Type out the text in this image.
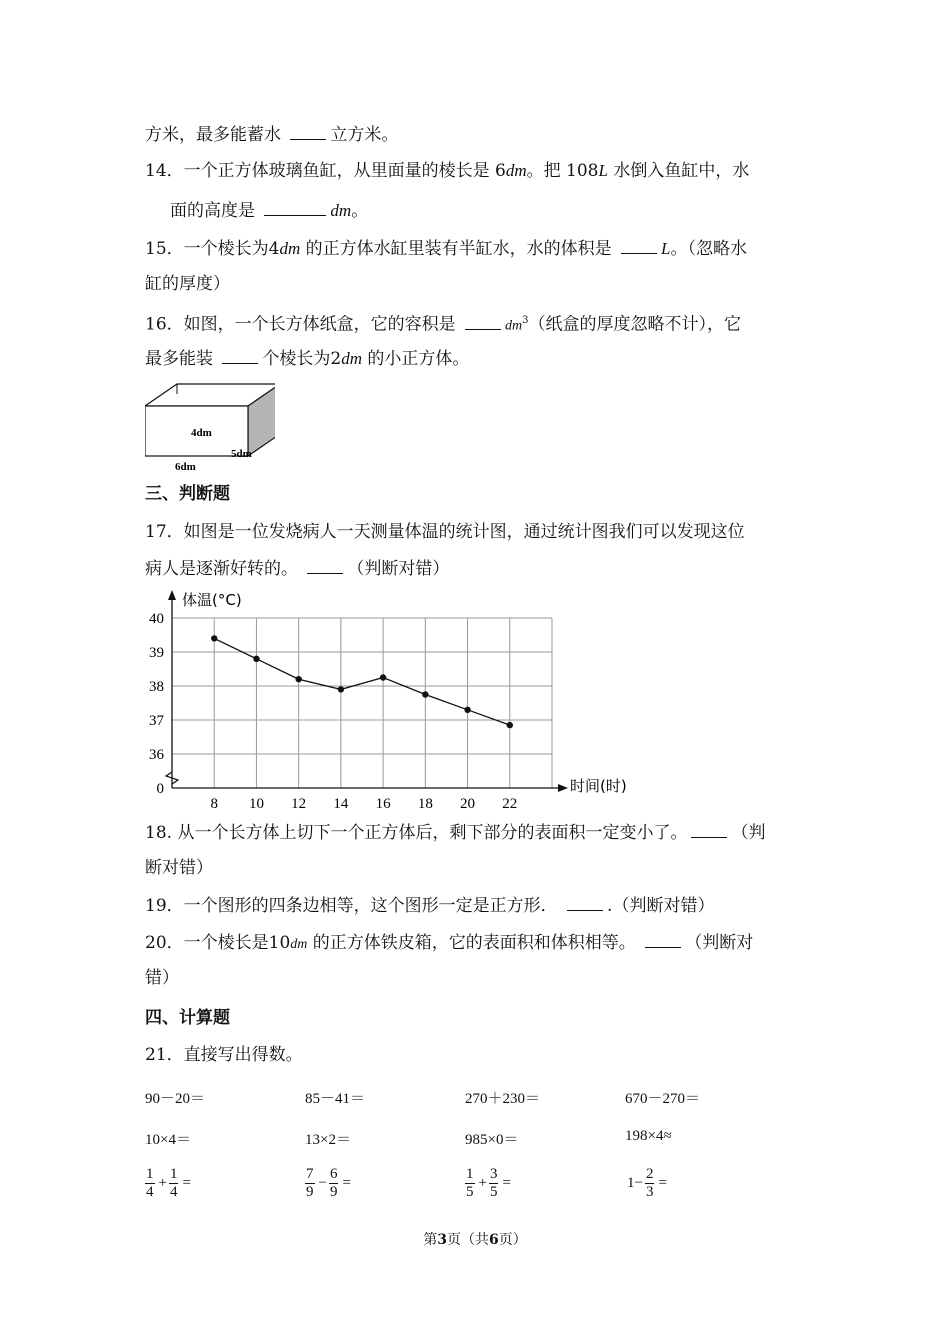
方米，最多能蓄水	立方米。
14．一个正方体玻璃鱼缸，从里面量的棱长是 6dm。把 108L 水倒入鱼缸中，水
面的高度是	dm。
15．一个棱长为4dm 的正方体水缸里装有半缸水，水的体积是	L。（忽略水
缸的厚度）
16．如图，一个长方体纸盒，它的容积是	$dm^3$（纸盒的厚度忽略不计），它
最多能装	个棱长为2dm 的小正方体。
4dm
6dm
5dm
三、判断题
17．如图是一位发烧病人一天测量体温的统计图，通过统计图我们可以发现这位
病人是逐渐好转的。	（判断对错）
40
39
38
37
36
0
8 10 12 14 16 18 20 22
体温(°C)
时间(时)
18. 从一个长方体上切下一个正方体后，剩下部分的表面积一定变小了。	（判
断对错）
19．一个图形的四条边相等，这个图形一定是正方形．	.（判断对错）
20．一个棱长是10dm 的正方体铁皮箱，它的表面积和体积相等。	（判断对
错）
四、计算题
21．直接写出得数。
90－20＝	85－41＝	270＋230＝	670－270＝
10×4＝	13×2＝	985×0＝	198×4≈
$\frac{1}{4} + \frac{1}{4}$ =	$\frac{7}{9} - \frac{6}{9}$ =	$\frac{1}{5} + \frac{3}{5}$ =	$1- \frac{2}{3}$ =
第3页（共6页）
